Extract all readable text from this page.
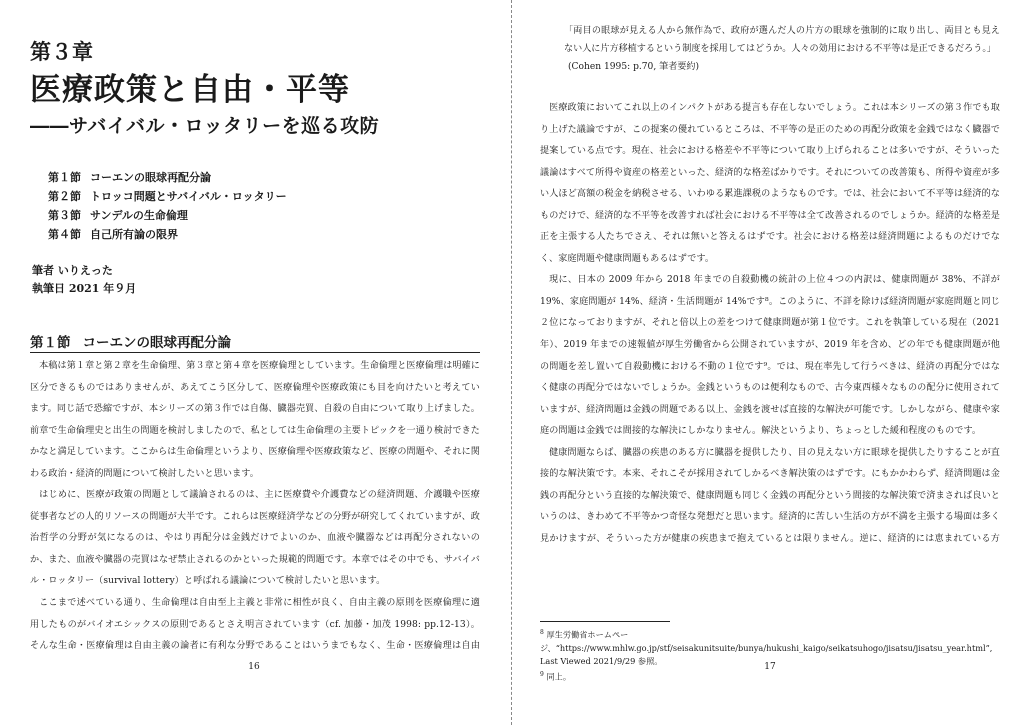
第３章
医療政策と自由・平等
――サバイバル・ロッタリーを巡る攻防
第１節 コーエンの眼球再配分論
第２節 トロッコ問題とサバイバル・ロッタリー
第３節 サンデルの生命倫理
第４節 自己所有論の限界
筆者 いりえった
執筆日 2021 年９月
第１節 コーエンの眼球再配分論

本稿は第１章と第２章を生命倫理、第３章と第４章を医療倫理としています。生命倫理と医療倫理は明確に区分できるものではありませんが、あえてこう区分して、医療倫理や医療政策にも目を向けたいと考えています。同じ話で恐縮ですが、本シリーズの第３作では自傷、臓器売買、自殺の自由について取り上げました。前章で生命倫理史と出生の問題を検討しましたので、私としては生命倫理の主要トピックを一通り検討できたかなと満足しています。ここからは生命倫理というより、医療倫理や医療政策など、医療の問題や、それに関わる政治・経済的問題について検討したいと思います。

はじめに、医療が政策の問題として議論されるのは、主に医療費や介護費などの経済問題、介護職や医療従事者などの人的リソースの問題が大半です。これらは医療経済学などの分野が研究してくれていますが、政治哲学の分野が気になるのは、やはり再配分は金銭だけでよいのか、血液や臓器などは再配分されないのか、また、血液や臓器の売買はなぜ禁止されるのかといった規範的問題です。本章ではその中でも、サバイバル・ロッタリー（survival lottery）と呼ばれる議論について検討したいと思います。

ここまで述べている通り、生命倫理は自由至上主義と非常に相性が良く、自由主義の原則を医療倫理に適用したものがバイオエシックスの原則であるとさえ明言されています（cf. 加藤・加茂 1998: pp.12-13）。そんな生命・医療倫理は自由主義の論者に有利な分野であることはいうまでもなく、生命・医療倫理は自由

16
「両目の眼球が見える人から無作為で、政府が選んだ人の片方の眼球を強制的に取り出し、両目とも見えない人に片方移植するという制度を採用してはどうか。人々の効用における不平等は是正できるだろう。」
(Cohen 1995: p.70, 筆者要約)

医療政策においてこれ以上のインパクトがある提言も存在しないでしょう。これは本シリーズの第３作でも取り上げた議論ですが、この提案の優れているところは、不平等の是正のための再配分政策を金銭ではなく臓器で提案している点です。現在、社会における格差や不平等について取り上げられることは多いですが、そういった議論はすべて所得や資産の格差といった、経済的な格差ばかりです。それについての改善策も、所得や資産が多い人ほど高額の税金を納税させる、いわゆる累進課税のようなものです。では、社会において不平等は経済的なものだけで、経済的な不平等を改善すれば社会における不平等は全て改善されるのでしょうか。経済的な格差是正を主張する人たちでさえ、それは無いと答えるはずです。社会における格差は経済問題によるものだけでなく、家庭問題や健康問題もあるはずです。

現に、日本の 2009 年から 2018 年までの自殺動機の統計の上位４つの内訳は、健康問題が 38%、不詳が 19%、家庭問題が 14%、経済・生活問題が 14%です⁸。このように、不詳を除けば経済問題が家庭問題と同じ２位になっておりますが、それと倍以上の差をつけて健康問題が第１位です。これを執筆している現在（2021 年）、2019 年までの速報値が厚生労働省から公開されていますが、2019 年を含め、どの年でも健康問題が他の問題を差し置いて自殺動機における不動の１位です⁹。では、現在率先して行うべきは、経済の再配分ではなく健康の再配分ではないでしょうか。金銭というものは便利なもので、古今東西様々なものの配分に使用されていますが、経済問題は金銭の問題である以上、金銭を渡せば直接的な解決が可能です。しかしながら、健康や家庭の問題は金銭では間接的な解決にしかなりません。解決というより、ちょっとした緩和程度のものです。

健康問題ならば、臓器の疾患のある方に臓器を提供したり、目の見えない方に眼球を提供したりすることが直接的な解決策です。本来、それこそが採用されてしかるべき解決策のはずです。にもかかわらず、経済問題は金銭の再配分という直接的な解決策で、健康問題も同じく金銭の再配分という間接的な解決策で済まされば良いというのは、きわめて不平等かつ奇怪な発想だと思います。経済的に苦しい生活の方が不満を主張する場面は多く見かけますが、そういった方が健康の疾患まで抱えているとは限りません。逆に、経済的には恵まれている方

$^8$ 厚生労働省ホームページ、“https://www.mhlw.go.jp/stf/seisakunitsuite/bunya/hukushi_kaigo/seikatsuhogo/jisatsu/jisatsu_year.html”, Last Viewed 2021/9/29 参照。
$^9$ 同上。
17
